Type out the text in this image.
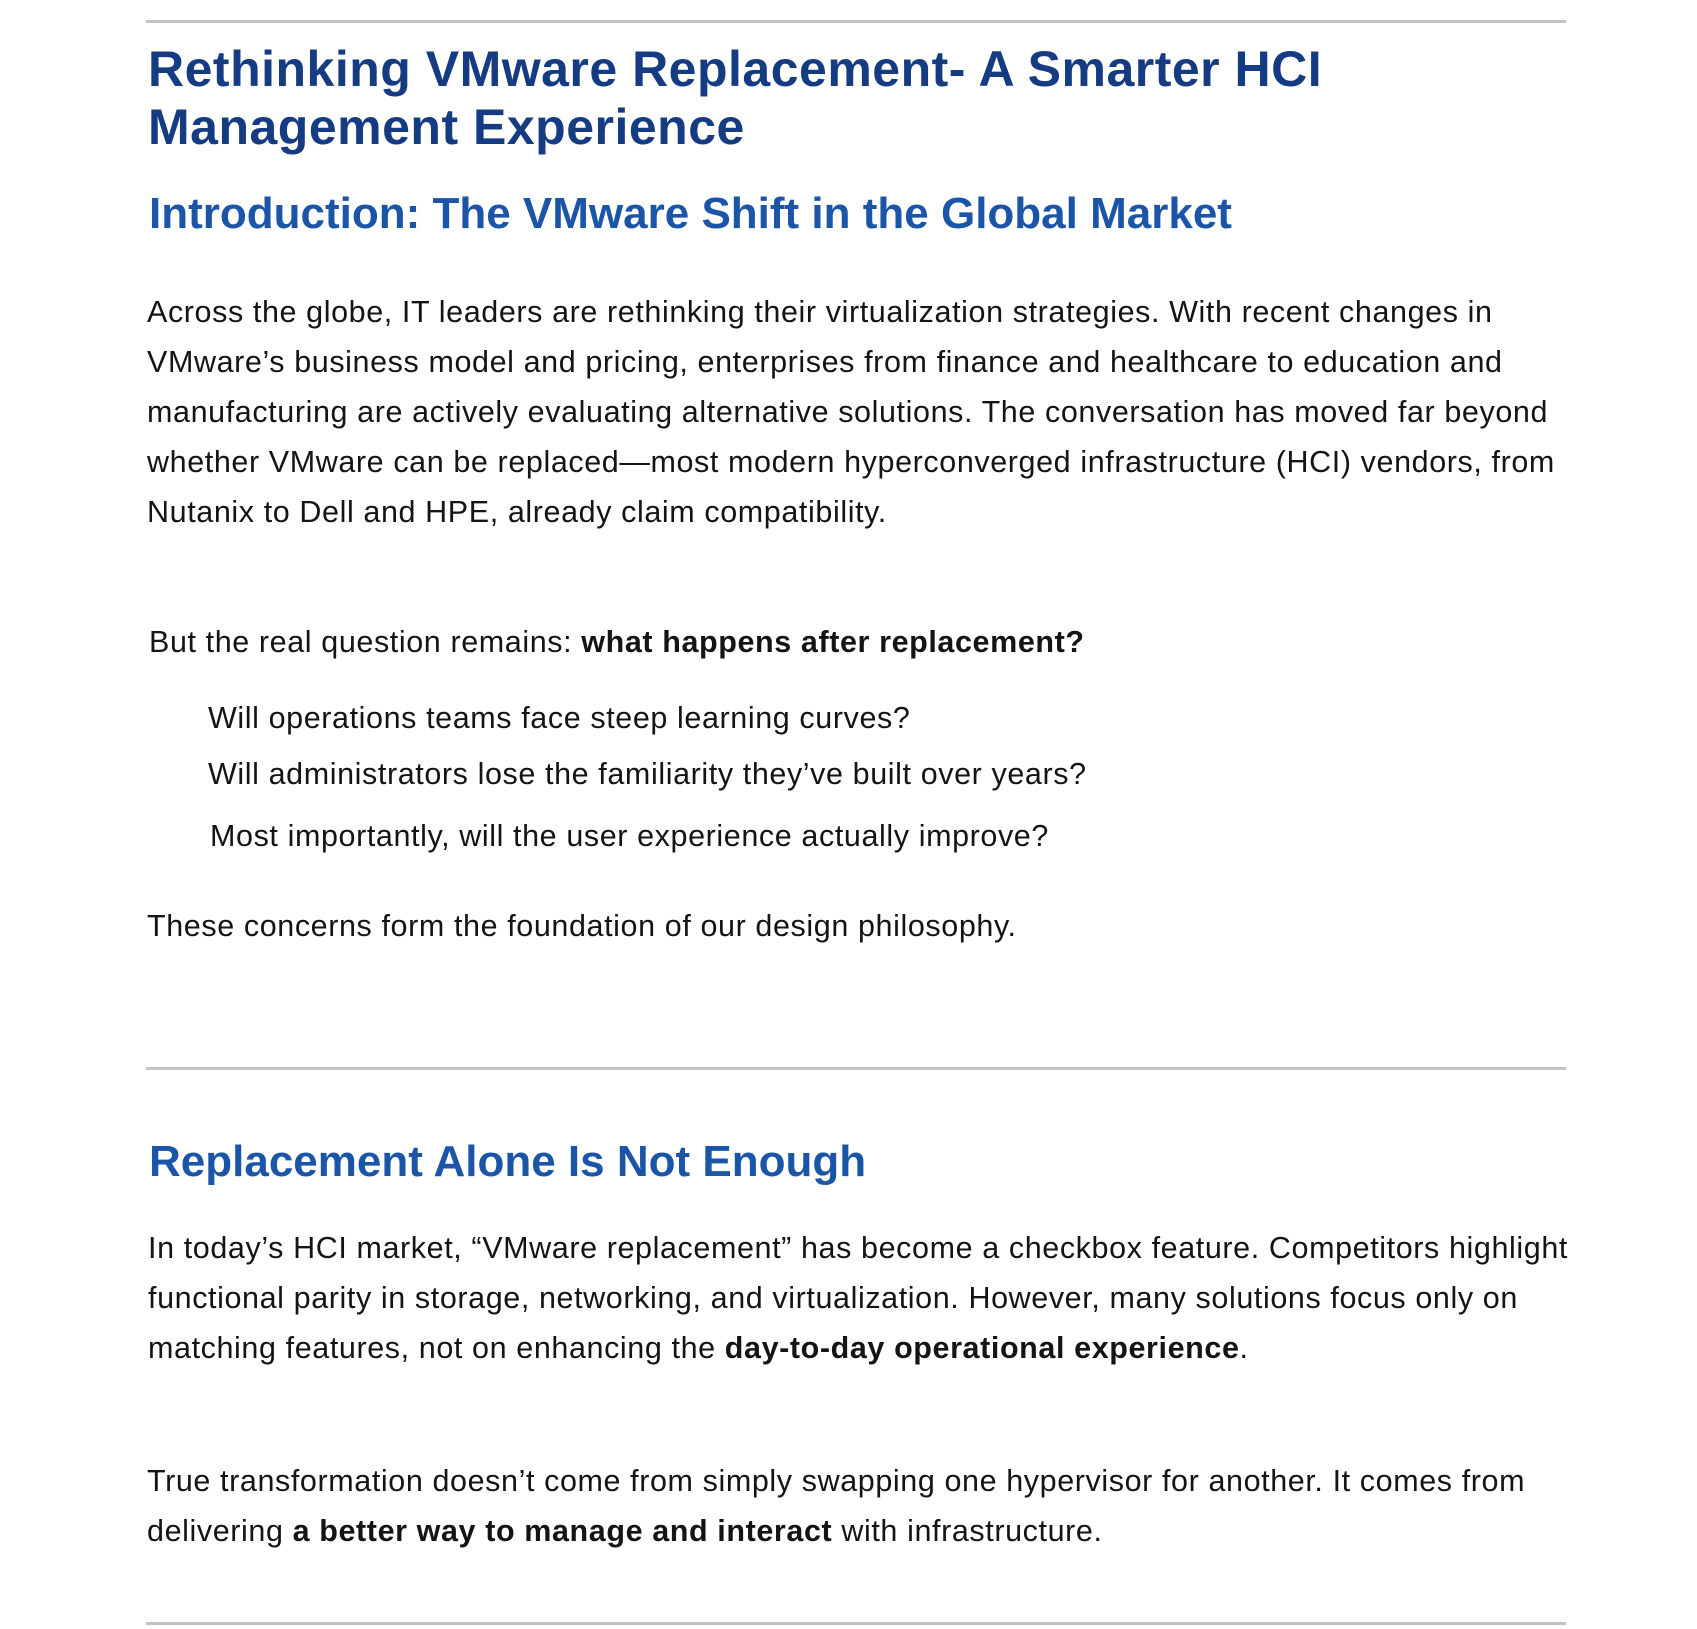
Rethinking VMware Replacement- A Smarter HCI Management Experience
Introduction: The VMware Shift in the Global Market

Across the globe, IT leaders are rethinking their virtualization strategies. With recent changes in VMware’s business model and pricing, enterprises from finance and healthcare to education and manufacturing are actively evaluating alternative solutions. The conversation has moved far beyond whether VMware can be replaced—most modern hyperconverged infrastructure (HCI) vendors, from Nutanix to Dell and HPE, already claim compatibility.

But the real question remains: what happens after replacement?

Will operations teams face steep learning curves?
Will administrators lose the familiarity they’ve built over years?
Most importantly, will the user experience actually improve?

These concerns form the foundation of our design philosophy.

Replacement Alone Is Not Enough

In today’s HCI market, “VMware replacement” has become a checkbox feature. Competitors highlight functional parity in storage, networking, and virtualization. However, many solutions focus only on matching features, not on enhancing the day-to-day operational experience.

True transformation doesn’t come from simply swapping one hypervisor for another. It comes from delivering a better way to manage and interact with infrastructure.
